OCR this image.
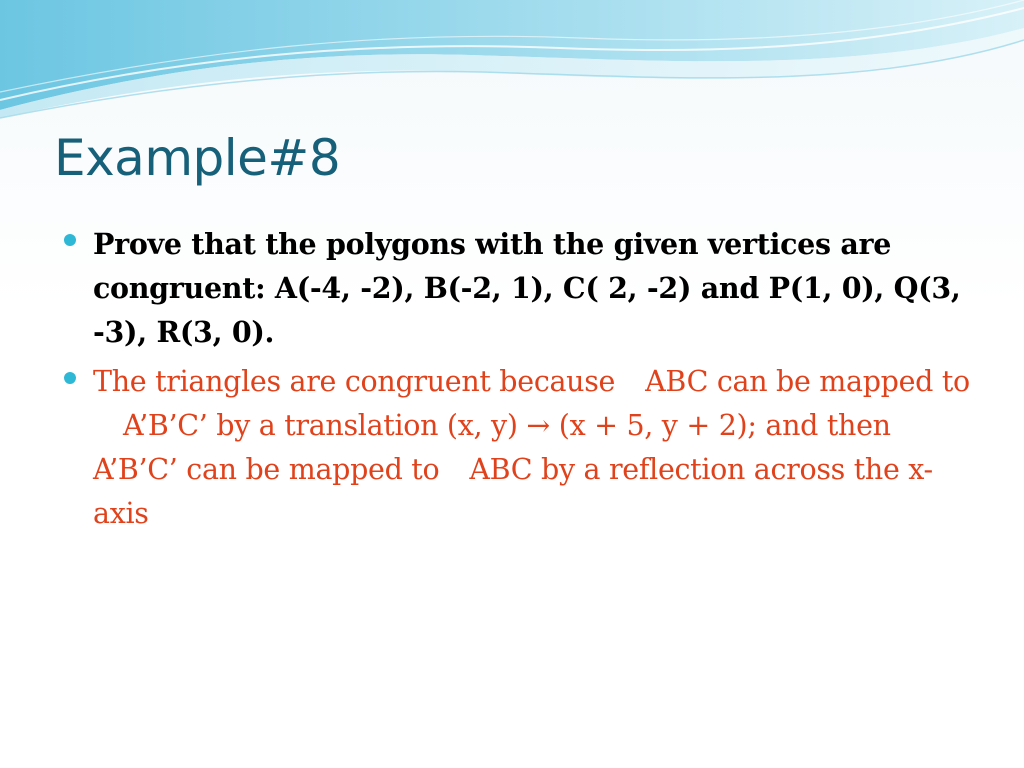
Example#8
Prove that the polygons with the given vertices are congruent: A(-4, -2), B(-2, 1), C( 2, -2) and P(1, 0), Q(3, -3), R(3, 0).
The triangles are congruent because ABC can be mapped toA’B’C’ by a translation (x, y) → (x + 5, y + 2); and thenA’B’C’ can be mapped to ABC by a reflection across the x-axis
